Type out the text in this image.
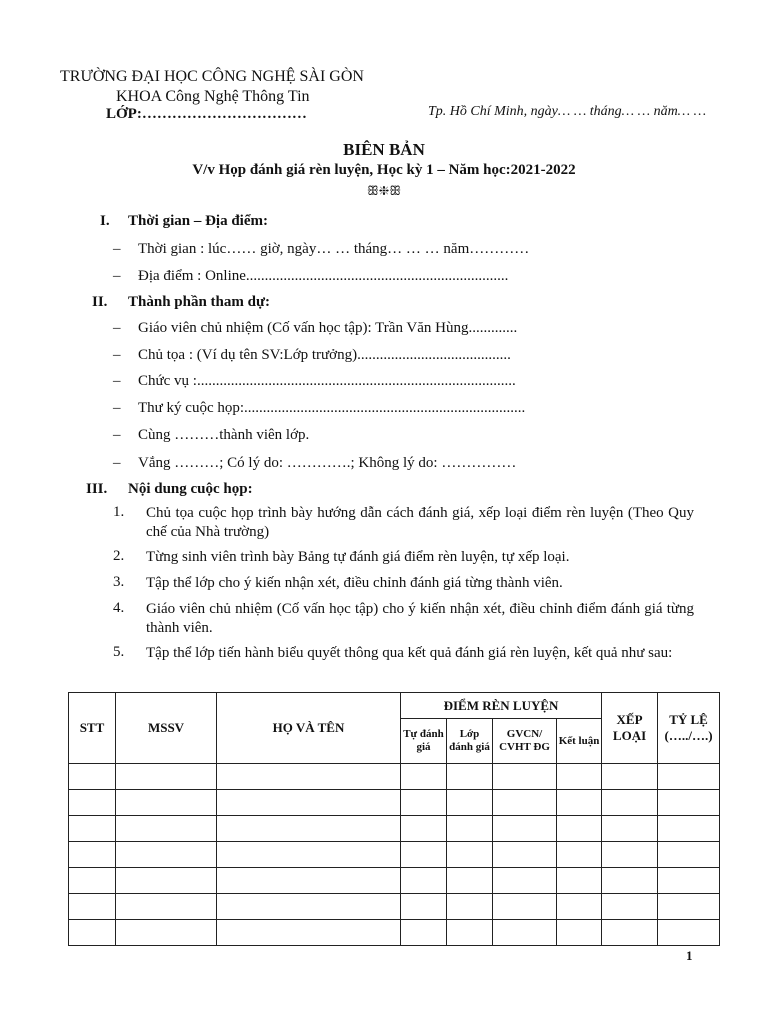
TRƯỜNG ĐẠI HỌC CÔNG NGHỆ SÀI GÒN
KHOA Công Nghệ Thông Tin
LỚP:……………………………	Tp. Hồ Chí Minh, ngày… … tháng… … năm… …
BIÊN BẢN
V/v Họp đánh giá rèn luyện, Học kỳ 1 – Năm học:2021-2022
ꕥ❈ꕥ
I. Thời gian – Địa điểm:
– Thời gian : lúc…… giờ, ngày… … tháng… … … năm…………
– Địa điểm : Online......................................................................
II. Thành phần tham dự:
– Giáo viên chủ nhiệm (Cố vấn học tập): Trần Văn Hùng.............
– Chủ tọa : (Ví dụ tên SV:Lớp trưởng).........................................
– Chức vụ :.....................................................................................
– Thư ký cuộc họp:...........................................................................
– Cùng ………thành viên lớp.
– Vắng ………; Có lý do: ………….; Không lý do: ……………
III. Nội dung cuộc họp:
1. Chủ tọa cuộc họp trình bày hướng dẫn cách đánh giá, xếp loại điểm rèn luyện (Theo Quy chế của Nhà trường)
2. Từng sinh viên trình bày Bảng tự đánh giá điểm rèn luyện, tự xếp loại.
3. Tập thể lớp cho ý kiến nhận xét, điều chỉnh đánh giá từng thành viên.
4. Giáo viên chủ nhiệm (Cố vấn học tập) cho ý kiến nhận xét, điều chỉnh điểm đánh giá từng thành viên.
5. Tập thể lớp tiến hành biểu quyết thông qua kết quả đánh giá rèn luyện, kết quả như sau:
STT	MSSV	HỌ VÀ TÊN	ĐIỂM RÈN LUYỆN				XẾP LOẠI	TỶ LỆ (…../….)
			Tự đánh giá	Lớp đánh giá	GVCN/ CVHT ĐG	Kết luận		

1
